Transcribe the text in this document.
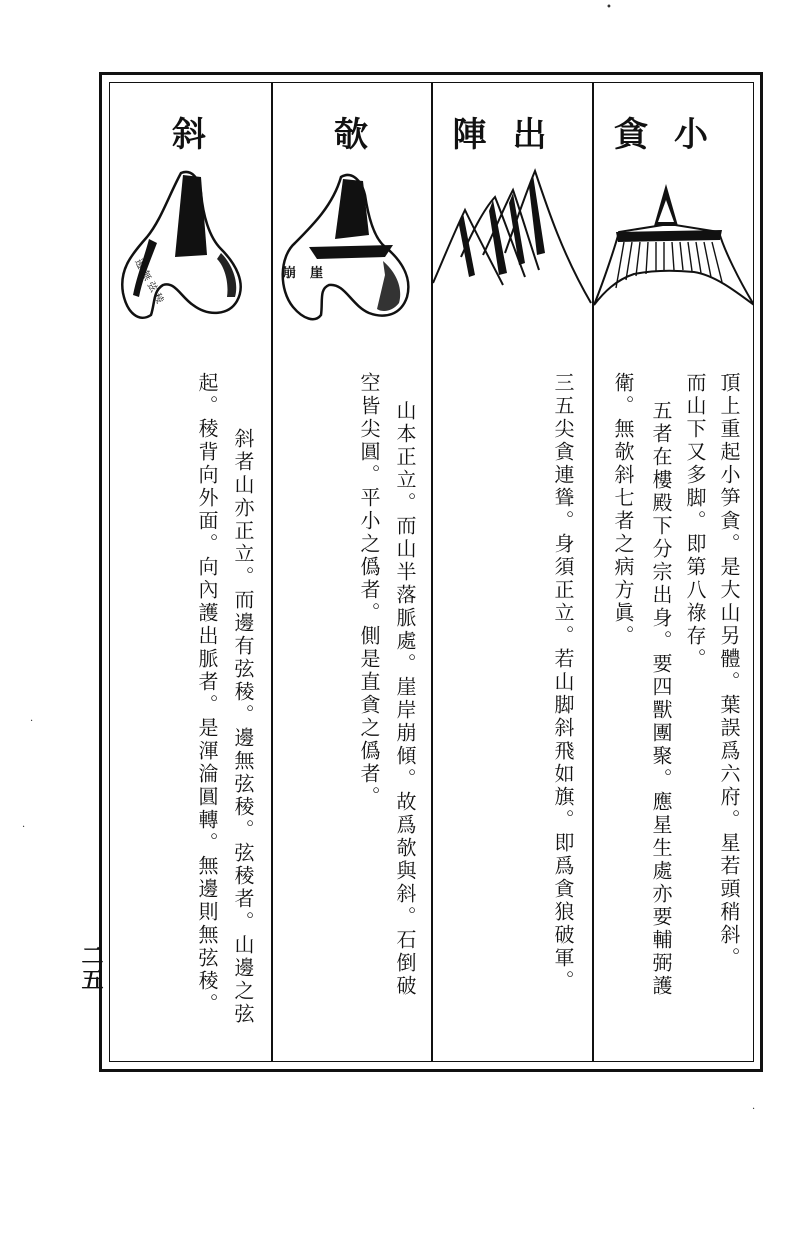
小貪
出陣
欹
斜
崖崩
邊無弦稜
頂上重起小笋貪。是大山另體。葉誤爲六府。星若頭稍斜。
而山下又多脚。即第八祿存。
五者在樓殿下分宗出身。要四獸團聚。應星生處亦要輔弼護
衛。無欹斜七者之病方眞。
三五尖貪連聳。身須正立。若山脚斜飛如旗。即爲貪狼破軍。
山本正立。而山半落脈處。崖岸崩傾。故爲欹與斜。石倒破
空皆尖圓。平小之僞者。側是直貪之僞者。
斜者山亦正立。而邊有弦稜。邊無弦稜。弦稜者。山邊之弦
起。稜背向外面。向內護出脈者。是渾淪圓轉。無邊則無弦稜。
二五
•
·
·
·
